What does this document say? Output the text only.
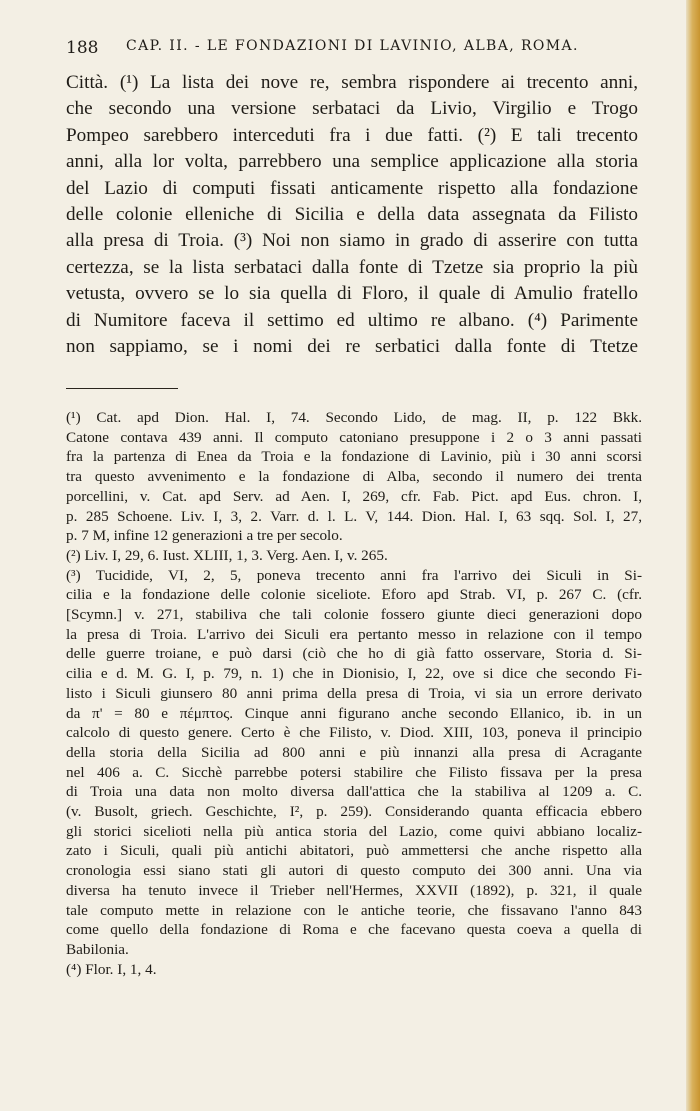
188	CAP. II. - LE FONDAZIONI DI LAVINIO, ALBA, ROMA.
Città. (¹) La lista dei nove re, sembra rispondere ai trecento anni,
che secondo una versione serbataci da Livio, Virgilio e Trogo
Pompeo sarebbero interceduti fra i due fatti. (²) E tali trecento
anni, alla lor volta, parrebbero una semplice applicazione alla storia
del Lazio di computi fissati anticamente rispetto alla fondazione
delle colonie elleniche di Sicilia e della data assegnata da Filisto
alla presa di Troia. (³) Noi non siamo in grado di asserire con tutta
certezza, se la lista serbataci dalla fonte di Tzetze sia proprio la più
vetusta, ovvero se lo sia quella di Floro, il quale di Amulio fratello
di Numitore faceva il settimo ed ultimo re albano. (⁴) Parimente
non sappiamo, se i nomi dei re serbatici dalla fonte di Ttetze
(¹) Cat. apd Dion. Hal. I, 74. Secondo Lido, de mag. II, p. 122 Bkk.
Catone contava 439 anni. Il computo catoniano presuppone i 2 o 3 anni passati
fra la partenza di Enea da Troia e la fondazione di Lavinio, più i 30 anni scorsi
tra questo avvenimento e la fondazione di Alba, secondo il numero dei trenta
porcellini, v. Cat. apd Serv. ad Aen. I, 269, cfr. Fab. Pict. apd Eus. chron. I,
p. 285 Schoene. Liv. I, 3, 2. Varr. d. l. L. V, 144. Dion. Hal. I, 63 sqq. Sol. I, 27,
p. 7 M, infine 12 generazioni a tre per secolo.
(²) Liv. I, 29, 6. Iust. XLIII, 1, 3. Verg. Aen. I, v. 265.
(³) Tucidide, VI, 2, 5, poneva trecento anni fra l'arrivo dei Siculi in Si-
cilia e la fondazione delle colonie siceliote. Eforo apd Strab. VI, p. 267 C. (cfr.
[Scymn.] v. 271, stabiliva che tali colonie fossero giunte dieci generazioni dopo
la presa di Troia. L'arrivo dei Siculi era pertanto messo in relazione con il tempo
delle guerre troiane, e può darsi (ciò che ho di già fatto osservare, Storia d. Si-
cilia e d. M. G. I, p. 79, n. 1) che in Dionisio, I, 22, ove si dice che secondo Fi-
listo i Siculi giunsero 80 anni prima della presa di Troia, vi sia un errore derivato
da π' = 80 e πέμπτος. Cinque anni figurano anche secondo Ellanico, ib. in un
calcolo di questo genere. Certo è che Filisto, v. Diod. XIII, 103, poneva il principio
della storia della Sicilia ad 800 anni e più innanzi alla presa di Acragante
nel 406 a. C. Sicchè parrebbe potersi stabilire che Filisto fissava per la presa
di Troia una data non molto diversa dall'attica che la stabiliva al 1209 a. C.
(v. Busolt, griech. Geschichte, I², p. 259). Considerando quanta efficacia ebbero
gli storici sicelioti nella più antica storia del Lazio, come quivi abbiano localiz-
zato i Siculi, quali più antichi abitatori, può ammettersi che anche rispetto alla
cronologia essi siano stati gli autori di questo computo dei 300 anni. Una via
diversa ha tenuto invece il Trieber nell'Hermes, XXVII (1892), p. 321, il quale
tale computo mette in relazione con le antiche teorie, che fissavano l'anno 843
come quello della fondazione di Roma e che facevano questa coeva a quella di
Babilonia.
(⁴) Flor. I, 1, 4.
